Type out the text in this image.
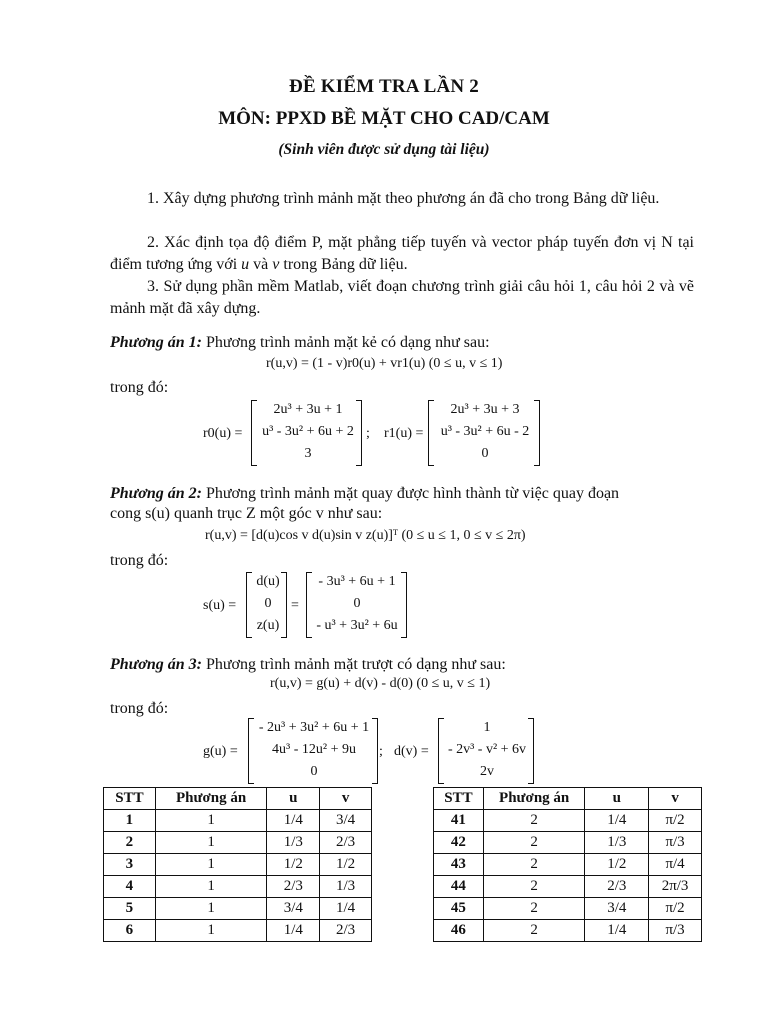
ĐỀ KIỂM TRA LẦN 2
MÔN: PPXD BỀ MẶT CHO CAD/CAM
(Sinh viên được sử dụng tài liệu)

1. Xây dựng phương trình mảnh mặt theo phương án đã cho trong Bảng dữ liệu.

2. Xác định tọa độ điểm P, mặt phẳng tiếp tuyến và vector pháp tuyến đơn vị N tại điểm tương ứng với u và v trong Bảng dữ liệu.

3. Sử dụng phần mềm Matlab, viết đoạn chương trình giải câu hỏi 1, câu hỏi 2 và vẽ mảnh mặt đã xây dựng.

Phương án 1: Phương trình mảnh mặt kẻ có dạng như sau:
r(u,v) = (1 - v)r0(u) + vr1(u) (0 ≤ u, v ≤ 1)
trong đó:
r0(u) =
2u³ + 3u + 1
u³ - 3u² + 6u + 2
3
; r1(u) =
2u³ + 3u + 3
u³ - 3u² + 6u - 2
0
Phương án 2: Phương trình mảnh mặt quay được hình thành từ việc quay đoạn
cong s(u) quanh trục Z một góc v như sau:
r(u,v) = [d(u)cos v d(u)sin v z(u)]ᵀ (0 ≤ u ≤ 1, 0 ≤ v ≤ 2π)
trong đó:
s(u) =
d(u)
0
z(u)
=
- 3u³ + 6u + 1
0
- u³ + 3u² + 6u
Phương án 3: Phương trình mảnh mặt trượt có dạng như sau:
r(u,v) = g(u) + d(v) - d(0) (0 ≤ u, v ≤ 1)
trong đó:
g(u) =
- 2u³ + 3u² + 6u + 1
4u³ - 12u² + 9u
0
; d(v) =
1
- 2v³ - v² + 6v
2v
STT	Phương án	u	v
1	1	1/4	3/4
2	1	1/3	2/3
3	1	1/2	1/2
4	1	2/3	1/3
5	1	3/4	1/4
6	1	1/4	2/3
STT	Phương án	u	v
41	2	1/4	π/2
42	2	1/3	π/3
43	2	1/2	π/4
44	2	2/3	2π/3
45	2	3/4	π/2
46	2	1/4	π/3
